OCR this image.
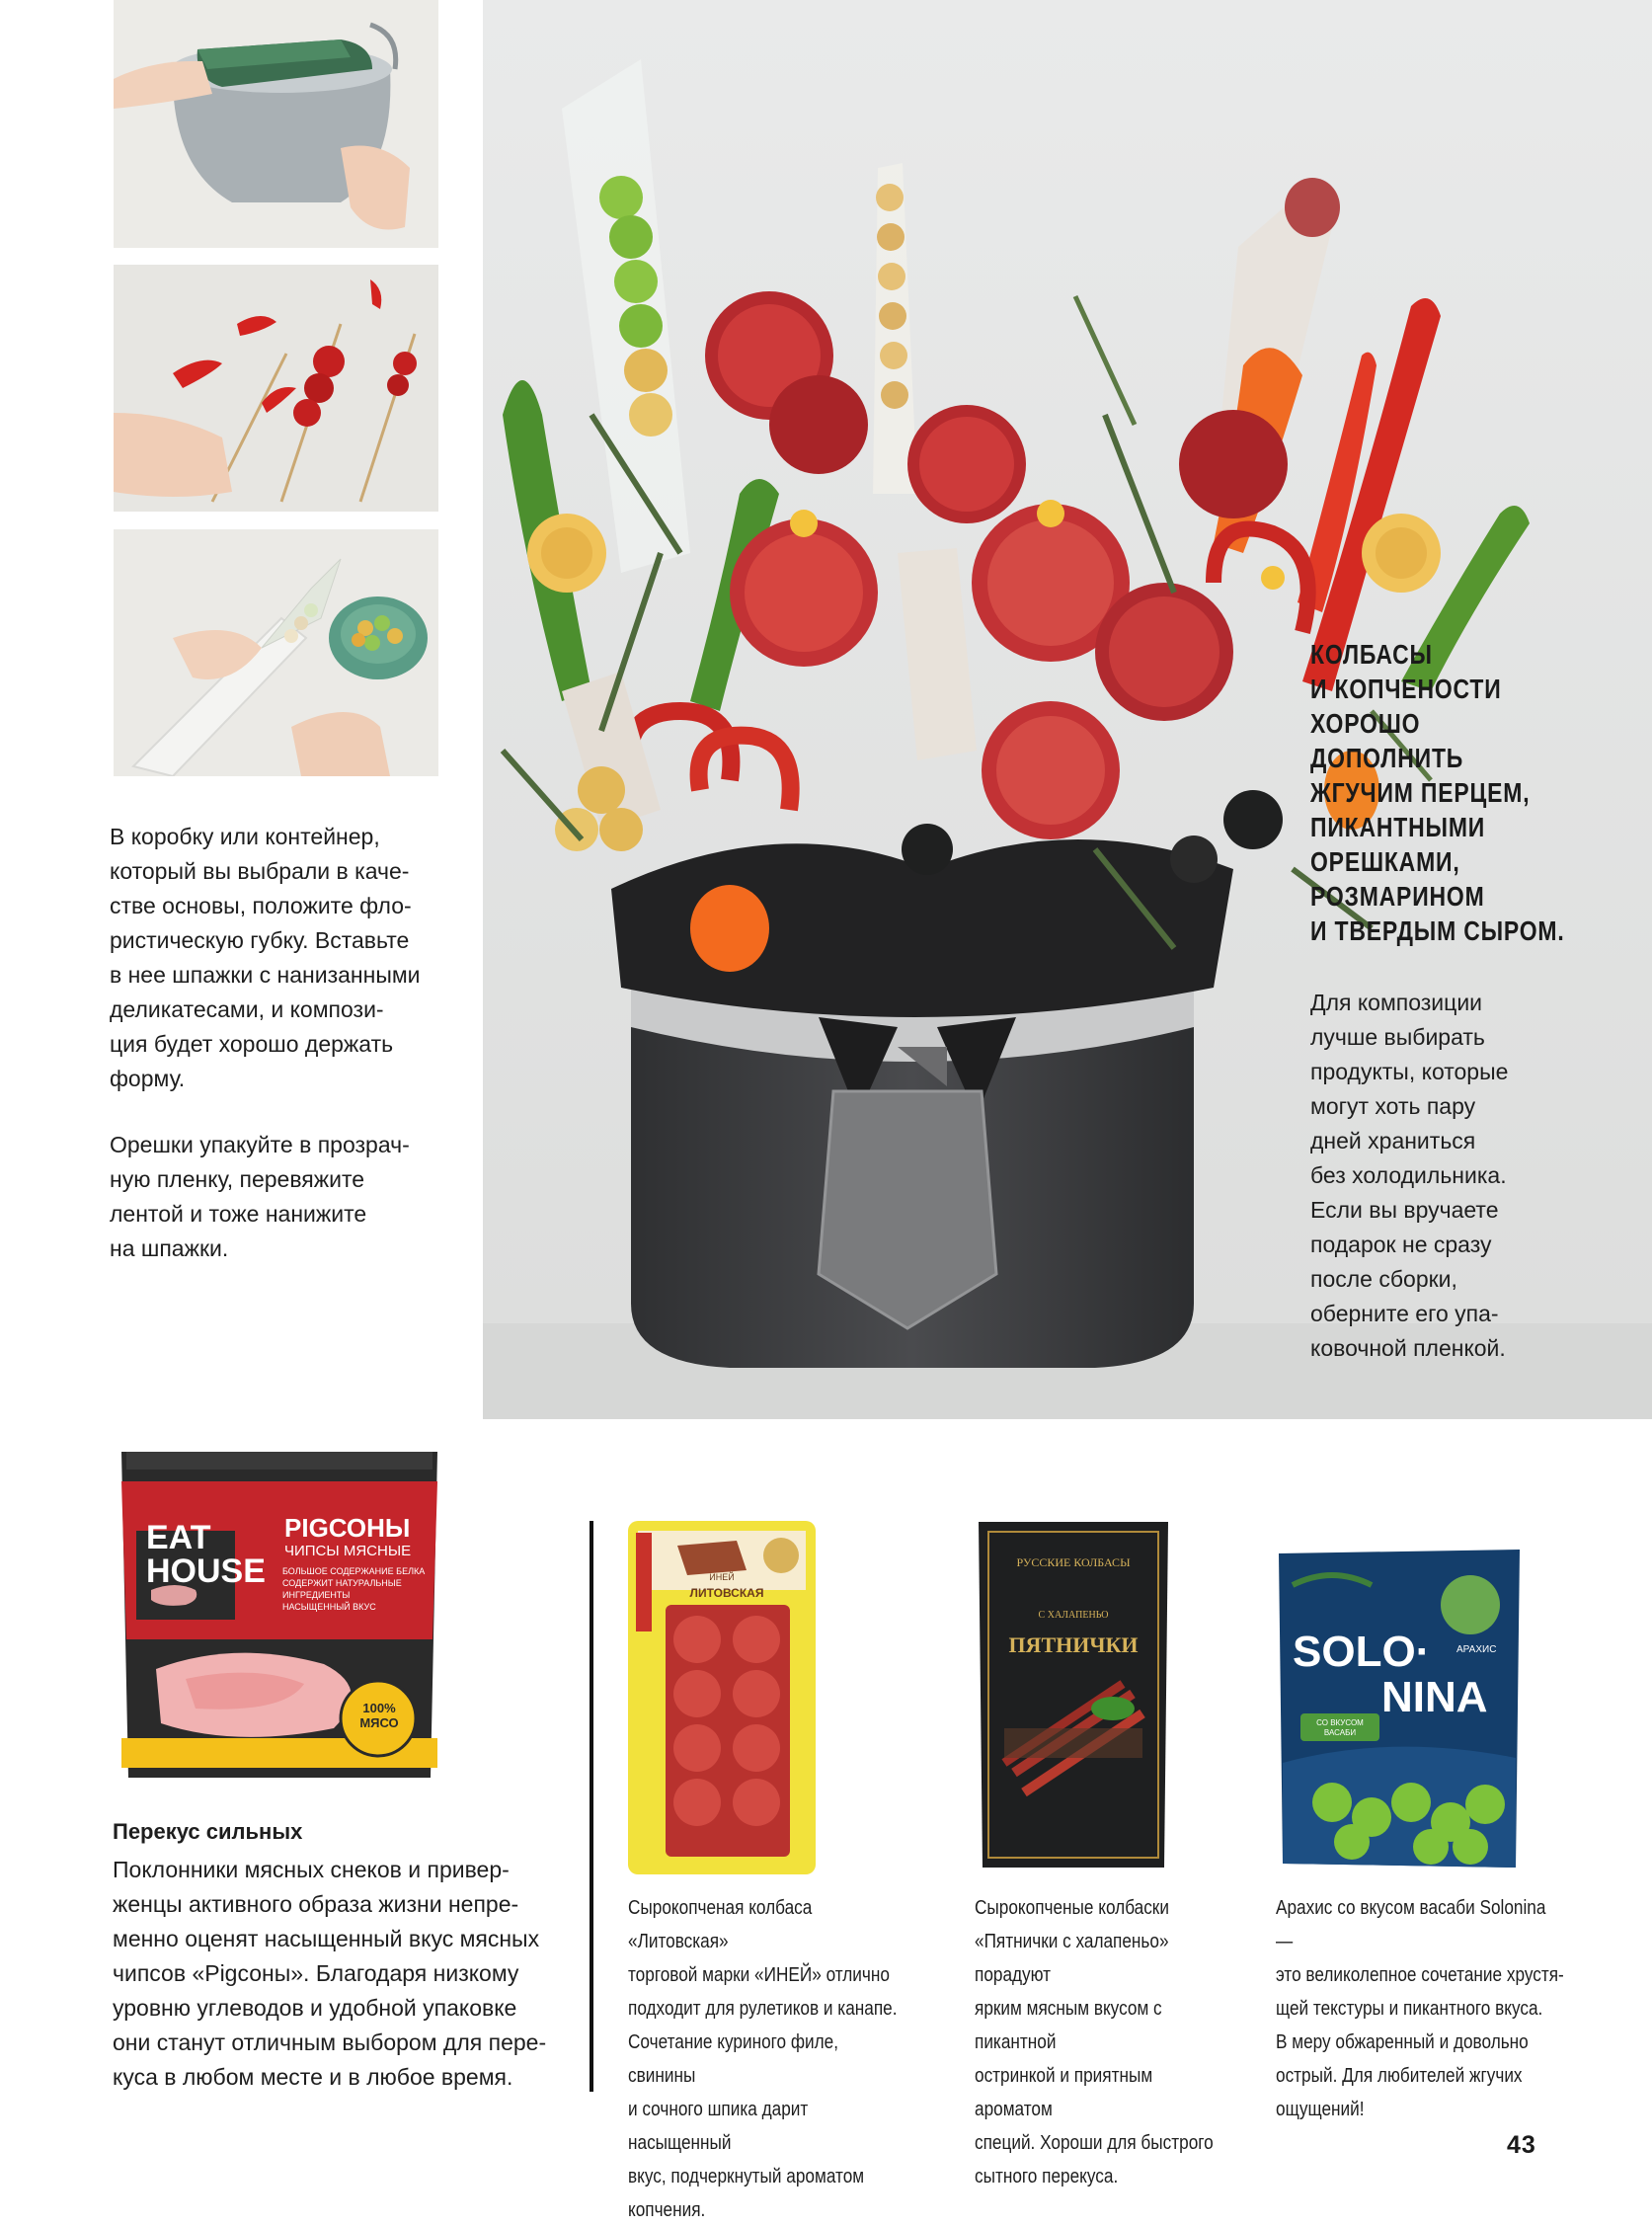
В коробку или контейнер,
который вы выбрали в каче-
стве основы, положите фло-
ристическую губку. Вставьте
в нее шпажки с нанизанными
деликатесами, и компози-
ция будет хорошо держать
форму.
Орешки упакуйте в прозрач-
ную пленку, перевяжите
лентой и тоже нанижите
на шпажки.
КОЛБАСЫ
И КОПЧЕНОСТИ
ХОРОШО ДОПОЛНИТЬ
ЖГУЧИМ ПЕРЦЕМ,
ПИКАНТНЫМИ
ОРЕШКАМИ,
РОЗМАРИНОМ
И ТВЕРДЫМ СЫРОМ.
Для композиции
лучше выбирать
продукты, которые
могут хоть пару
дней храниться
без холодильника.
Если вы вручаете
подарок не сразу
после сборки,
оберните его упа-
ковочной пленкой.
EAT
HOUSE
PIGСОНЫ
ЧИПСЫ МЯСНЫЕ
БОЛЬШОЕ СОДЕРЖАНИЕ БЕЛКА
СОДЕРЖИТ НАТУРАЛЬНЫЕ ИНГРЕДИЕНТЫ
НАСЫЩЕННЫЙ ВКУС
100% МЯСО
Перекус сильных
Поклонники мясных снеков и привер-
женцы активного образа жизни непре-
менно оценят насыщенный вкус мясных
чипсов «Pigсоны». Благодаря низкому
уровню углеводов и удобной упаковке
они станут отличным выбором для пере-
куса в любом месте и в любое время.
ИНЕЙ
ЛИТОВСКАЯ
Сырокопченая колбаса «Литовская»
торговой марки «ИНЕЙ» отлично
подходит для рулетиков и канапе.
Сочетание куриного филе, свинины
и сочного шпика дарит насыщенный
вкус, подчеркнутый ароматом копчения.
РУССКИЕ КОЛБАСЫ
ПЯТНИЧКИ
С ХАЛАПЕНЬО
Сырокопченые колбаски
«Пятнички с халапеньо» порадуют
ярким мясным вкусом с пикантной
остринкой и приятным ароматом
специй. Хороши для быстрого
сытного перекуса.
SOLO·
NINA
АРАХИС
СО ВКУСОМ ВАСАБИ
Арахис со вкусом васаби Solonina —
это великолепное сочетание хрустя-
щей текстуры и пикантного вкуса.
В меру обжаренный и довольно
острый. Для любителей жгучих
ощущений!
43
